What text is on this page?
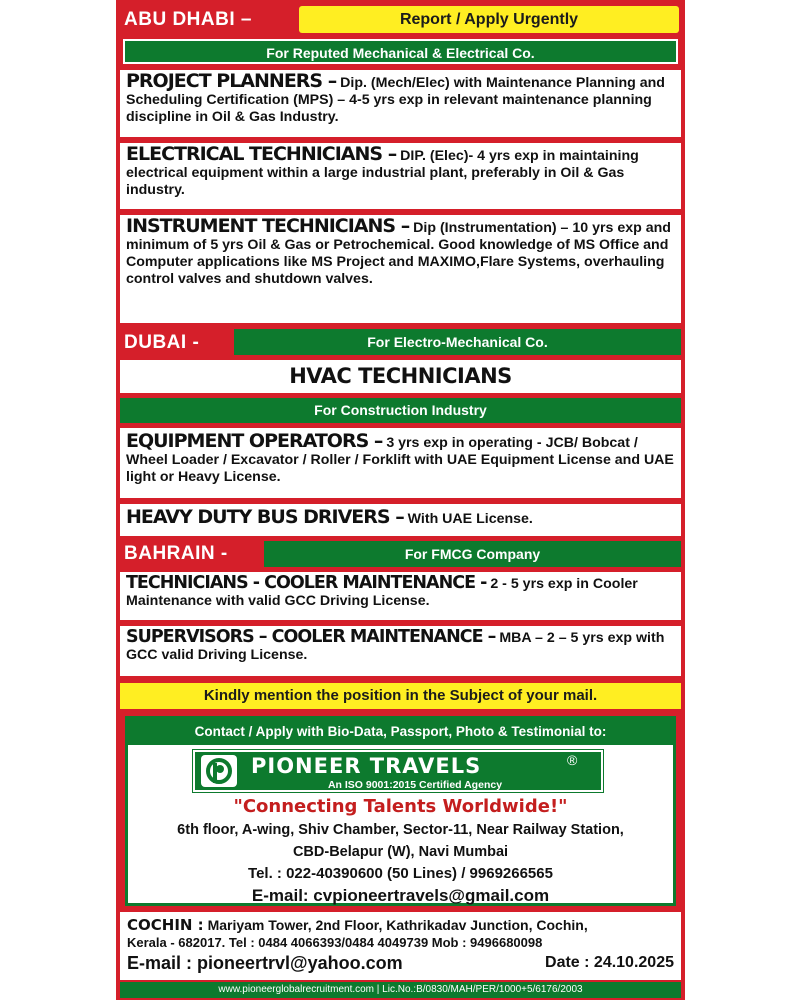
ABU DHABI –	Report / Apply Urgently
For Reputed Mechanical & Electrical Co.
PROJECT PLANNERS – Dip. (Mech/Elec) with Maintenance Planning and Scheduling Certification (MPS) – 4-5 yrs exp in relevant maintenance planning discipline in Oil & Gas Industry.
ELECTRICAL TECHNICIANS – DIP. (Elec)- 4 yrs exp in maintaining electrical equipment within a large industrial plant, preferably in Oil & Gas industry.
INSTRUMENT TECHNICIANS – Dip (Instrumentation) – 10 yrs exp and minimum of 5 yrs Oil & Gas or Petrochemical. Good knowledge of MS Office and Computer applications like MS Project and MAXIMO,Flare Systems, overhauling control valves and shutdown valves.
DUBAI -	For Electro-Mechanical Co.
HVAC TECHNICIANS
For Construction Industry
EQUIPMENT OPERATORS – 3 yrs exp in operating - JCB/ Bobcat / Wheel Loader / Excavator / Roller / Forklift with UAE Equipment License and UAE light or Heavy License.
HEAVY DUTY BUS DRIVERS – With UAE License.
BAHRAIN -	For FMCG Company
TECHNICIANS - COOLER MAINTENANCE - 2 - 5 yrs exp in Cooler Maintenance with valid GCC Driving License.
SUPERVISORS – COOLER MAINTENANCE – MBA – 2 – 5 yrs exp with GCC valid Driving License.
Kindly mention the position in the Subject of your mail.
Contact / Apply with Bio-Data, Passport, Photo & Testimonial to:
PIONEER TRAVELS	®
An ISO 9001:2015 Certified Agency
"Connecting Talents Worldwide!"
6th floor, A-wing, Shiv Chamber, Sector-11, Near Railway Station,
CBD-Belapur (W), Navi Mumbai
Tel. : 022-40390600 (50 Lines) / 9969266565
E-mail: cvpioneertravels@gmail.com
COCHIN : Mariyam Tower, 2nd Floor, Kathrikadav Junction, Cochin,
Kerala - 682017. Tel : 0484 4066393/0484 4049739 Mob : 9496680098
E-mail : pioneertrvl@yahoo.com	Date : 24.10.2025
www.pioneerglobalrecruitment.com | Lic.No.:B/0830/MAH/PER/1000+5/6176/2003
